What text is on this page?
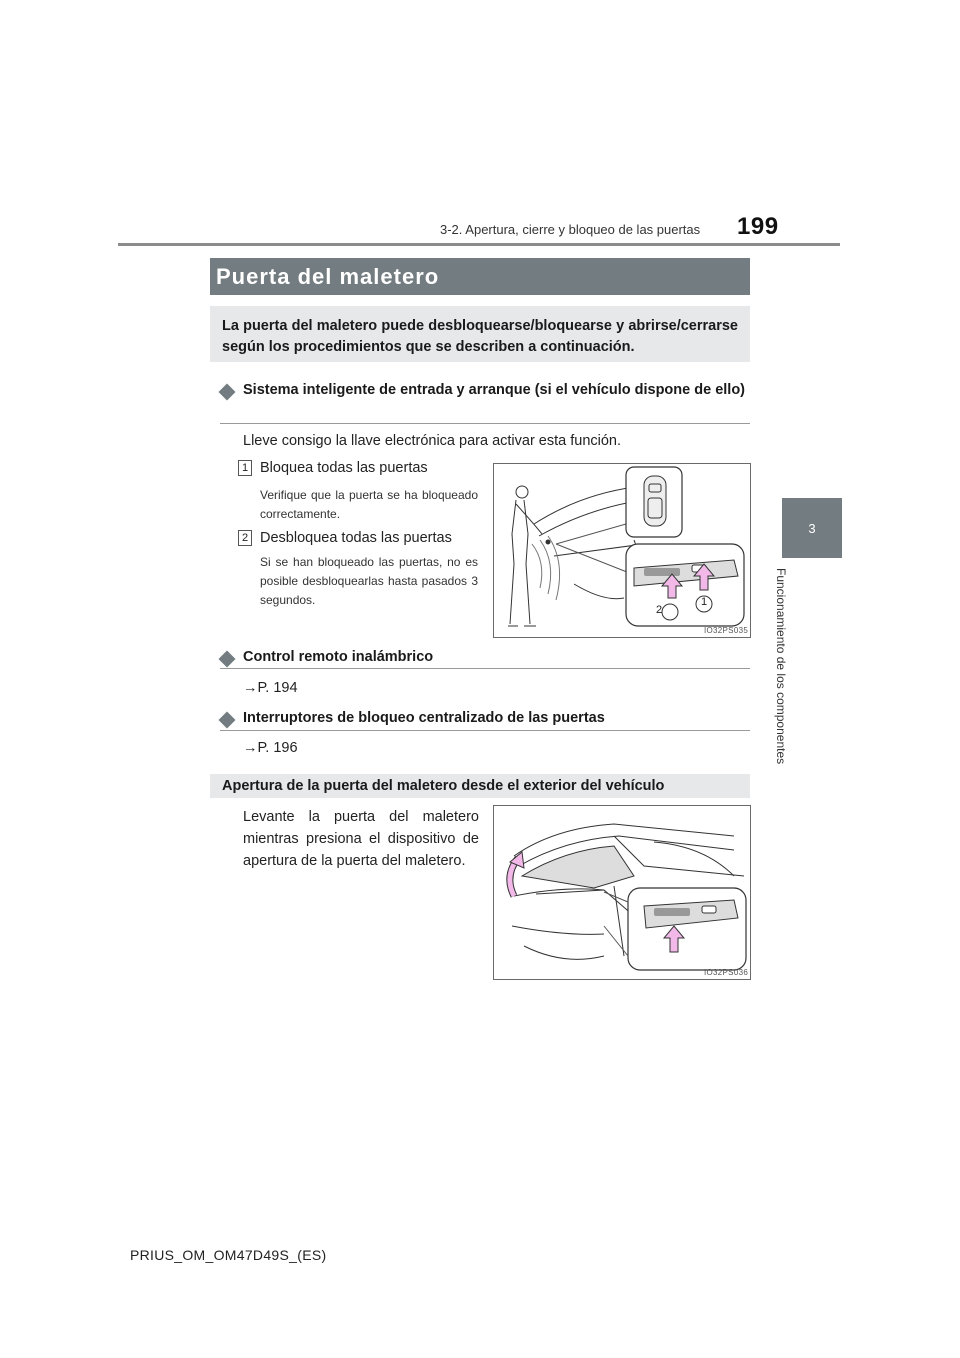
3-2. Apertura, cierre y bloqueo de las puertas 199
3
Funcionamiento de los componentes
Puerta del maletero
La puerta del maletero puede desbloquearse/bloquearse y abrirse/cerrarse según los procedimientos que se describen a continuación.
Sistema inteligente de entrada y arranque (si el vehículo dispone de ello)
Lleve consigo la llave electrónica para activar esta función.
1 Bloquea todas las puertas
Verifique que la puerta se ha bloqueado correctamente.
2 Desbloquea todas las puertas
Si se han bloqueado las puertas, no es posible desbloquearlas hasta pasados 3 segundos.
2
1
IO32PS035
Control remoto inalámbrico
→P. 194
Interruptores de bloqueo centralizado de las puertas
→P. 196
Apertura de la puerta del maletero desde el exterior del vehículo
Levante la puerta del maletero mientras presiona el dispositivo de apertura de la puerta del maletero.
IO32PS036
PRIUS_OM_OM47D49S_(ES)
